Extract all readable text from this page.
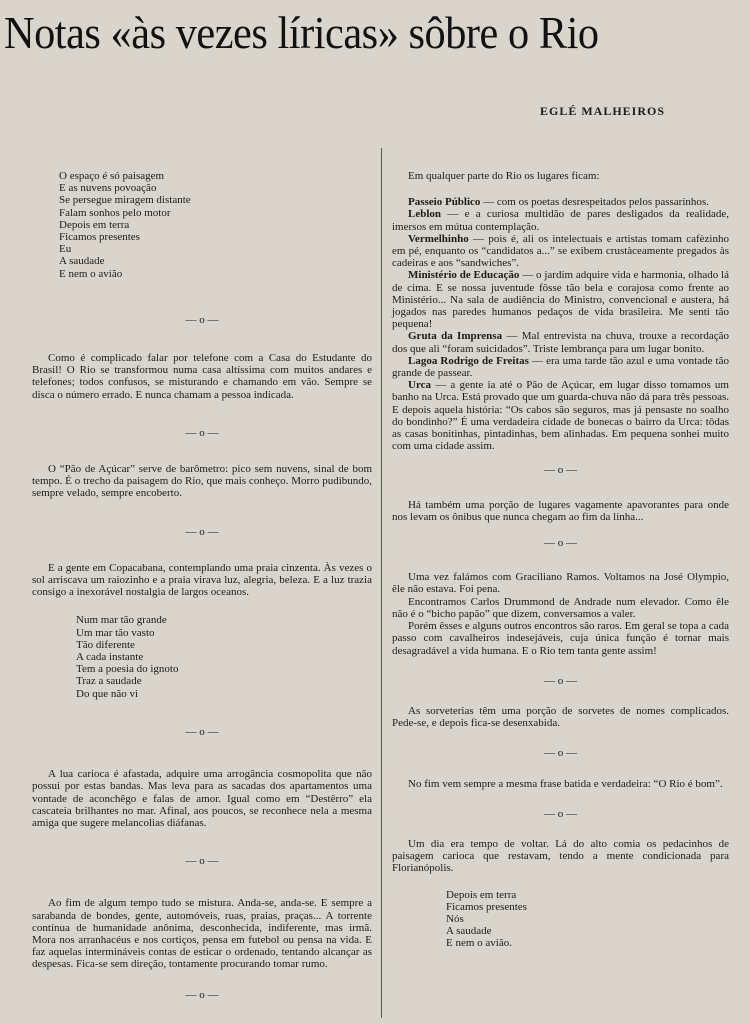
Notas «às vezes líricas» sôbre o Rio
EGLÉ MALHEIROS
O espaço é só paisagem
E as nuvens povoação
Se persegue miragem distante
Falam sonhos pelo motor
Depois em terra
Ficamos presentes
Eu
A saudade
E nem o avião
— o —

Como é complicado falar por telefone com a Casa do Estudante do Brasil! O Rio se transformou numa casa altíssima com muitos andares e telefones; todos confusos, se misturando e chamando em vão. Sempre se disca o número errado. E nunca chamam a pessoa indicada.

— o —

O “Pão de Açúcar” serve de barômetro: pico sem nuvens, sinal de bom tempo. É o trecho da paisagem do Rio, que mais conheço. Morro pudibundo, sempre velado, sempre encoberto.

— o —

E a gente em Copacabana, contemplando uma praia cinzenta. Às vezes o sol arriscava um raiozinho e a praia virava luz, alegria, beleza. E a luz trazia consigo a inexorável nostalgia de largos oceanos.

Num mar tão grande
Um mar tão vasto
Tão diferente
A cada instante
Tem a poesia do ignoto
Traz a saudade
Do que não vi
— o —

A lua carioca é afastada, adquire uma arrogância cosmopolita que não possui por estas bandas. Mas leva para as sacadas dos apartamentos uma vontade de aconchêgo e falas de amor. Igual como em “Destêrro” ela cascateia brilhantes no mar. Afinal, aos poucos, se reconhece nela a mesma amiga que sugere melancolias diáfanas.

— o —

Ao fim de algum tempo tudo se mistura. Anda-se, anda-se. E sempre a sarabanda de bondes, gente, automóveis, ruas, praias, praças... A torrente contínua de humanidade anônima, desconhecida, indiferente, mas irmã. Mora nos arranhacéus e nos cortiços, pensa em futebol ou pensa na vida. E faz aquelas intermináveis contas de esticar o ordenado, tentando alcançar as despesas. Fica-se sem direção, tontamente procurando tomar rumo.

— o —

Em qualquer parte do Rio os lugares ficam:

Passeio Público — com os poetas desrespeitados pelos passarinhos.

Leblon — e a curiosa multidão de pares desligados da realidade, imersos em mútua contemplação.

Vermelhinho — pois é, ali os intelectuais e artistas tomam cafèzinho em pé, enquanto os “candidatos a...” se exibem crustàceamente pregados às cadeiras e aos “sandwiches”.

Ministério de Educação — o jardim adquire vida e harmonia, olhado lá de cima. E se nossa juventude fôsse tão bela e corajosa como frente ao Ministério... Na sala de audiência do Ministro, convencional e austera, há jogados nas paredes humanos pedaços de vida brasileira. Me senti tão pequena!

Gruta da Imprensa — Mal entrevista na chuva, trouxe a recordação dos que ali “foram suicidados”. Triste lembrança para um lugar bonito.

Lagoa Rodrigo de Freitas — era uma tarde tão azul e uma vontade tão grande de passear.

Urca — a gente ia até o Pão de Açúcar, em lugar disso tomamos um banho na Urca. Está provado que um guarda-chuva não dá para três pessoas. E depois aquela história: “Os cabos são seguros, mas já pensaste no soalho do bondinho?” É uma verdadeira cidade de bonecas o bairro da Urca: tôdas as casas bonitinhas, pintadinhas, bem alinhadas. Em pequena sonhei muito com uma cidade assim.

— o —

Há também uma porção de lugares vagamente apavorantes para onde nos levam os ônibus que nunca chegam ao fim da linha...

— o —

Uma vez falámos com Graciliano Ramos. Voltamos na José Olympio, êle não estava. Foi pena.

Encontramos Carlos Drummond de Andrade num elevador. Como êle não é o “bicho papão” que dizem, conversamos a valer.

Porém êsses e alguns outros encontros são raros. Em geral se topa a cada passo com cavalheiros indesejáveis, cuja única função é tornar mais desagradável a vida humana. E o Rio tem tanta gente assim!

— o —

As sorveterias têm uma porção de sorvetes de nomes complicados. Pede-se, e depois fica-se desenxabida.

— o —

No fim vem sempre a mesma frase batida e verdadeira: “O Rio é bom”.

— o —

Um dia era tempo de voltar. Lá do alto comia os pedacinhos de paisagem carioca que restavam, tendo a mente condicionada para Florianópolis.

Depois em terra
Ficamos presentes
Nós
A saudade
E nem o avião.
